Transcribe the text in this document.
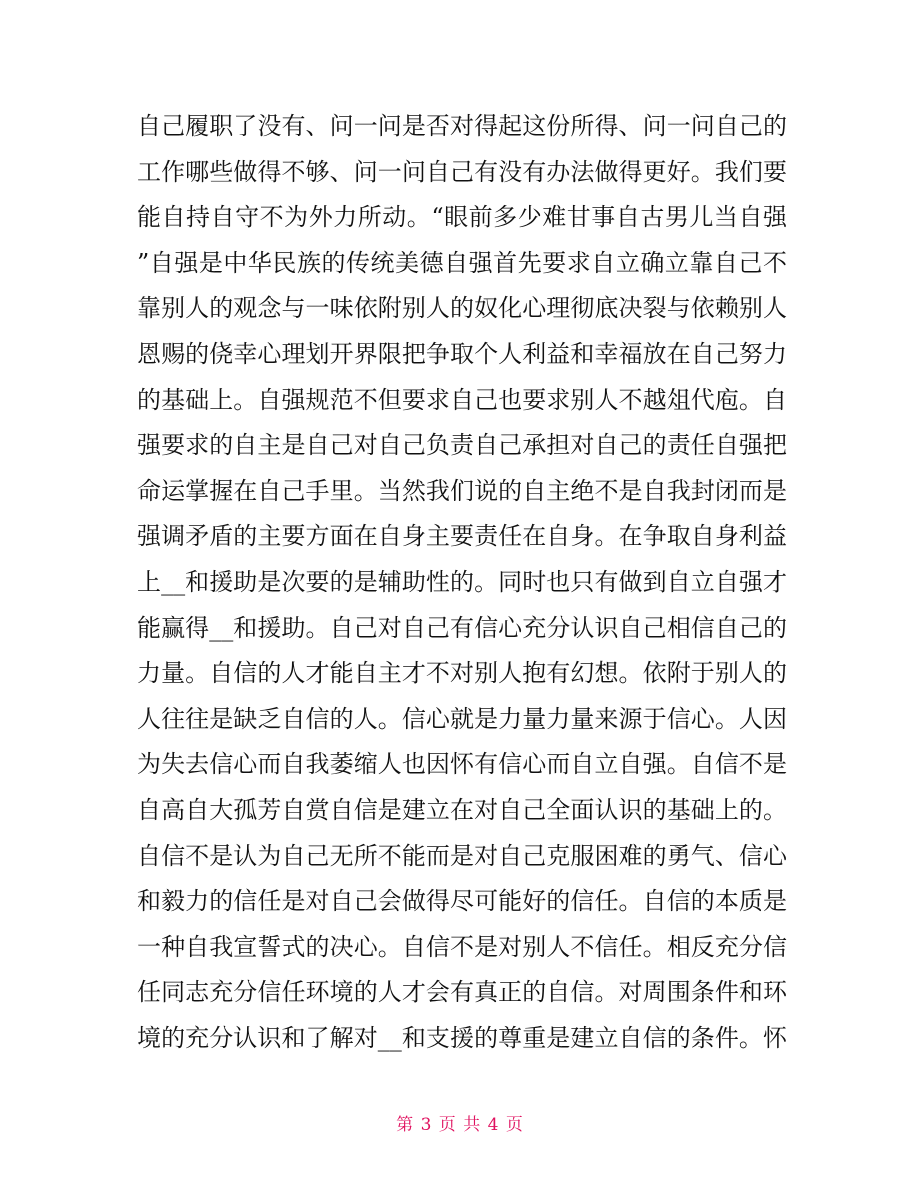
自己履职了没有、问一问是否对得起这份所得、问一问自己的
工作哪些做得不够、问一问自己有没有办法做得更好。我们要
能自持自守不为外力所动。“眼前多少难甘事自古男儿当自强
”自强是中华民族的传统美德自强首先要求自立确立靠自己不
靠别人的观念与一味依附别人的奴化心理彻底决裂与依赖别人
恩赐的侥幸心理划开界限把争取个人利益和幸福放在自己努力
的基础上。自强规范不但要求自己也要求别人不越俎代庖。自
强要求的自主是自己对自己负责自己承担对自己的责任自强把
命运掌握在自己手里。当然我们说的自主绝不是自我封闭而是
强调矛盾的主要方面在自身主要责任在自身。在争取自身利益
上__和援助是次要的是辅助性的。同时也只有做到自立自强才
能赢得__和援助。自己对自己有信心充分认识自己相信自己的
力量。自信的人才能自主才不对别人抱有幻想。依附于别人的
人往往是缺乏自信的人。信心就是力量力量来源于信心。人因
为失去信心而自我萎缩人也因怀有信心而自立自强。自信不是
自高自大孤芳自赏自信是建立在对自己全面认识的基础上的。
自信不是认为自己无所不能而是对自己克服困难的勇气、信心
和毅力的信任是对自己会做得尽可能好的信任。自信的本质是
一种自我宣誓式的决心。自信不是对别人不信任。相反充分信
任同志充分信任环境的人才会有真正的自信。对周围条件和环
境的充分认识和了解对__和支援的尊重是建立自信的条件。怀
第 3 页 共 4 页
